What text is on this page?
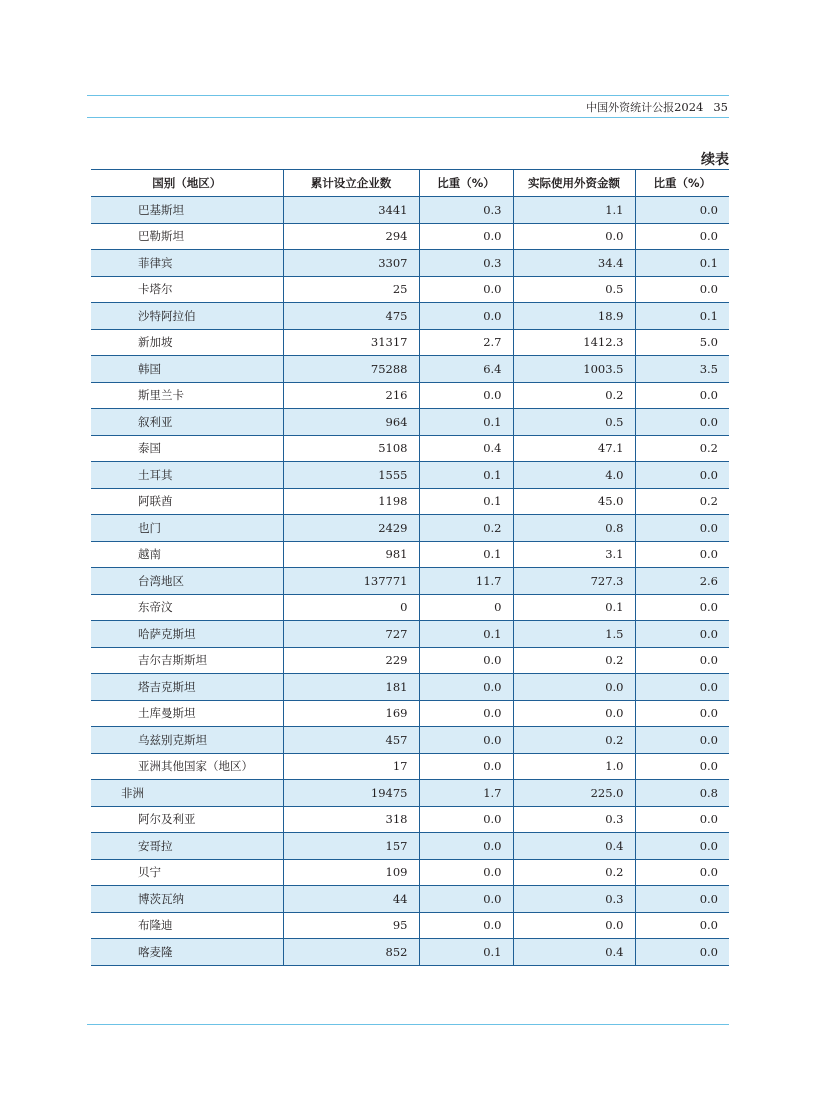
中国外资统计公报2024 35
续表
国别（地区）	累计设立企业数	比重（%）	实际使用外资金额	比重（%）
巴基斯坦	3441	0.3	1.1	0.0
巴勒斯坦	294	0.0	0.0	0.0
菲律宾	3307	0.3	34.4	0.1
卡塔尔	25	0.0	0.5	0.0
沙特阿拉伯	475	0.0	18.9	0.1
新加坡	31317	2.7	1412.3	5.0
韩国	75288	6.4	1003.5	3.5
斯里兰卡	216	0.0	0.2	0.0
叙利亚	964	0.1	0.5	0.0
泰国	5108	0.4	47.1	0.2
土耳其	1555	0.1	4.0	0.0
阿联酋	1198	0.1	45.0	0.2
也门	2429	0.2	0.8	0.0
越南	981	0.1	3.1	0.0
台湾地区	137771	11.7	727.3	2.6
东帝汶	0	0	0.1	0.0
哈萨克斯坦	727	0.1	1.5	0.0
吉尔吉斯斯坦	229	0.0	0.2	0.0
塔吉克斯坦	181	0.0	0.0	0.0
土库曼斯坦	169	0.0	0.0	0.0
乌兹别克斯坦	457	0.0	0.2	0.0
亚洲其他国家（地区）	17	0.0	1.0	0.0
非洲	19475	1.7	225.0	0.8
阿尔及利亚	318	0.0	0.3	0.0
安哥拉	157	0.0	0.4	0.0
贝宁	109	0.0	0.2	0.0
博茨瓦纳	44	0.0	0.3	0.0
布隆迪	95	0.0	0.0	0.0
喀麦隆	852	0.1	0.4	0.0
